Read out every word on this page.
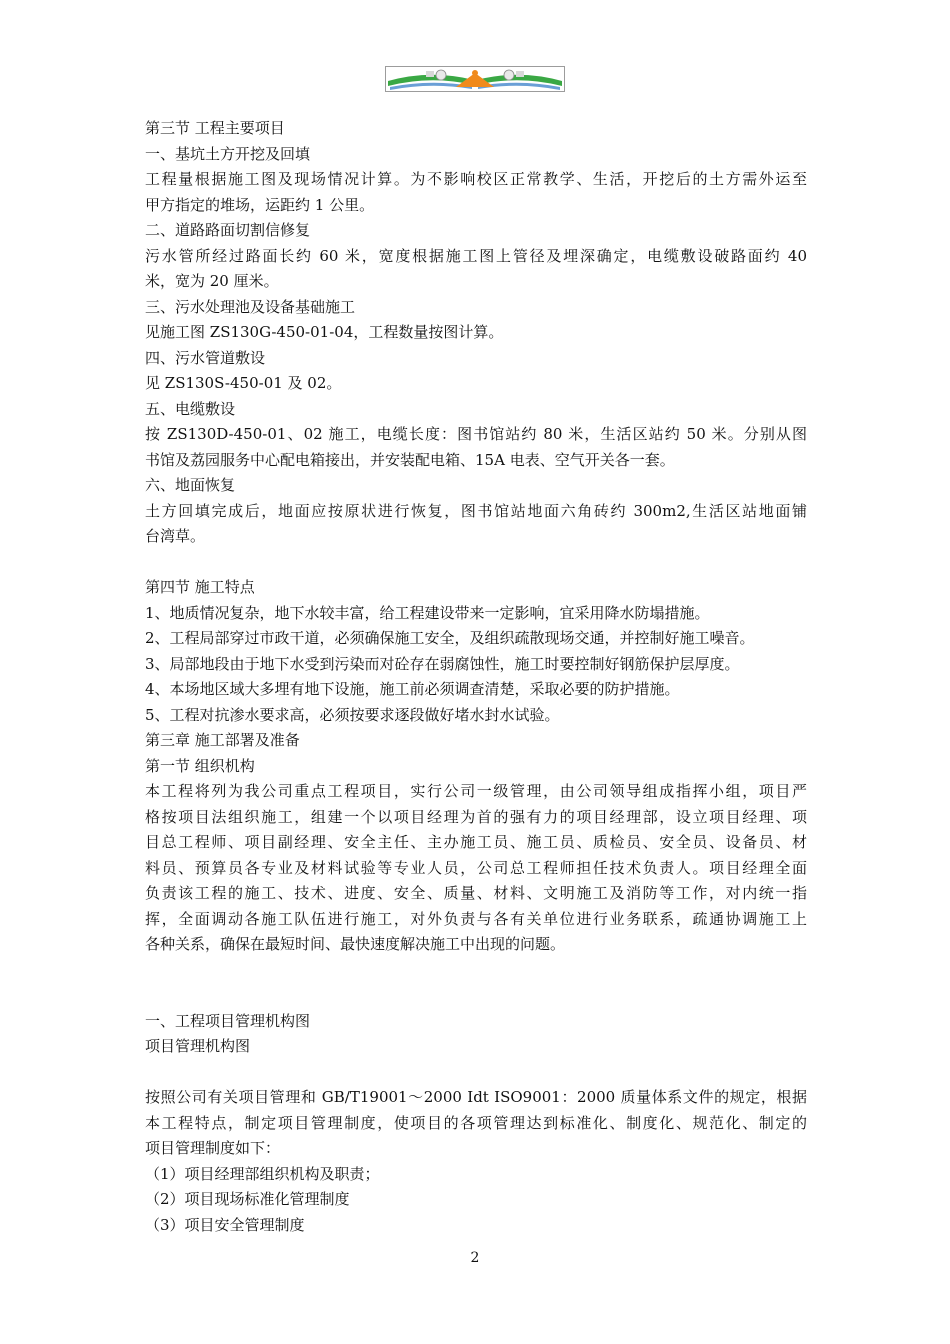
第三节 工程主要项目
一、基坑土方开挖及回填
工程量根据施工图及现场情况计算。为不影响校区正常教学、生活，开挖后的土方需外运至
甲方指定的堆场，运距约 1 公里。
二、道路路面切割信修复
污水管所经过路面长约 60 米，宽度根据施工图上管径及埋深确定，电缆敷设破路面约 40
米，宽为 20 厘米。
三、污水处理池及设备基础施工
见施工图 ZS130G-450-01-04，工程数量按图计算。
四、污水管道敷设
见 ZS130S-450-01 及 02。
五、电缆敷设
按 ZS130D-450-01、02 施工，电缆长度：图书馆站约 80 米，生活区站约 50 米。分别从图
书馆及荔园服务中心配电箱接出，并安装配电箱、15A 电表、空气开关各一套。
六、地面恢复
土方回填完成后，地面应按原状进行恢复，图书馆站地面六角砖约 300m2,生活区站地面铺
台湾草。
第四节 施工特点
1、地质情况复杂，地下水较丰富，给工程建设带来一定影响，宜采用降水防塌措施。
2、工程局部穿过市政干道，必须确保施工安全，及组织疏散现场交通，并控制好施工噪音。
3、局部地段由于地下水受到污染而对砼存在弱腐蚀性，施工时要控制好钢筋保护层厚度。
4、本场地区域大多埋有地下设施，施工前必须调查清楚，采取必要的防护措施。
5、工程对抗渗水要求高，必须按要求逐段做好堵水封水试验。
第三章 施工部署及准备
第一节 组织机构
本工程将列为我公司重点工程项目，实行公司一级管理，由公司领导组成指挥小组，项目严
格按项目法组织施工，组建一个以项目经理为首的强有力的项目经理部，设立项目经理、项
目总工程师、项目副经理、安全主任、主办施工员、施工员、质检员、安全员、设备员、材
料员、预算员各专业及材料试验等专业人员，公司总工程师担任技术负责人。项目经理全面
负责该工程的施工、技术、进度、安全、质量、材料、文明施工及消防等工作，对内统一指
挥，全面调动各施工队伍进行施工，对外负责与各有关单位进行业务联系，疏通协调施工上
各种关系，确保在最短时间、最快速度解决施工中出现的问题。
一、工程项目管理机构图
项目管理机构图
按照公司有关项目管理和 GB/T19001～2000 Idt ISO9001：2000 质量体系文件的规定，根据
本工程特点，制定项目管理制度，使项目的各项管理达到标准化、制度化、规范化、制定的
项目管理制度如下：
（1）项目经理部组织机构及职责；
（2）项目现场标准化管理制度
（3）项目安全管理制度
2
